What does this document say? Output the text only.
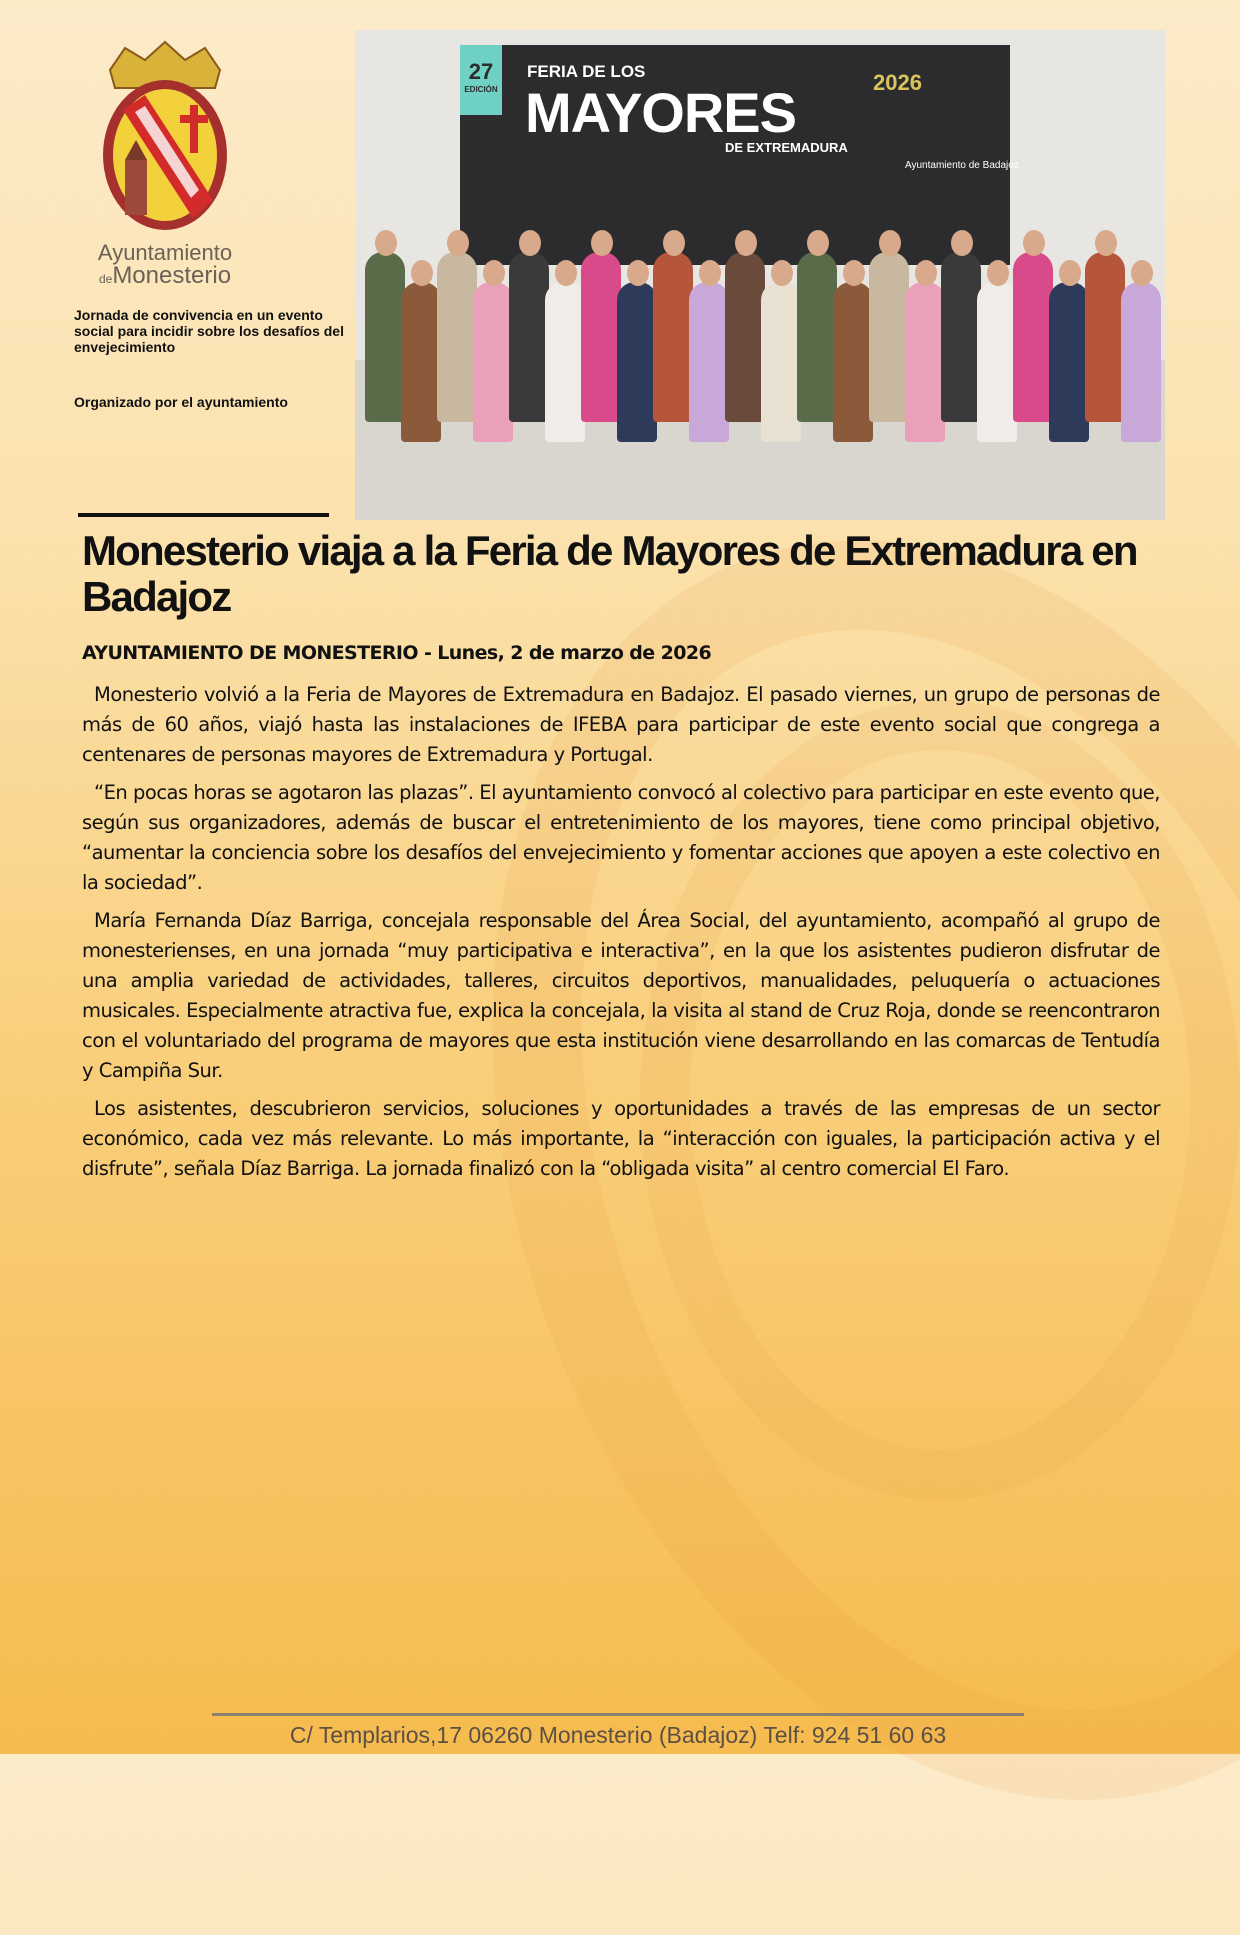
Ayuntamiento
deMonesterio
Jornada de convivencia en un evento social para incidir sobre los desafíos del envejecimiento
Organizado por el ayuntamiento
27
EDICIÓN
FERIA DE LOS
MAYORES
DE EXTREMADURA
2026
Ayuntamiento de Badajoz
Monesterio viaja a la Feria de Mayores de Extremadura en Badajoz
AYUNTAMIENTO DE MONESTERIO - Lunes, 2 de marzo de 2026

Monesterio volvió a la Feria de Mayores de Extremadura en Badajoz. El pasado viernes, un grupo de personas de más de 60 años, viajó hasta las instalaciones de IFEBA para participar de este evento social que congrega a centenares de personas mayores de Extremadura y Portugal.

“En pocas horas se agotaron las plazas”. El ayuntamiento convocó al colectivo para participar en este evento que, según sus organizadores, además de buscar el entretenimiento de los mayores, tiene como principal objetivo, “aumentar la conciencia sobre los desafíos del envejecimiento y fomentar acciones que apoyen a este colectivo en la sociedad”.

María Fernanda Díaz Barriga, concejala responsable del Área Social, del ayuntamiento, acompañó al grupo de monesterienses, en una jornada “muy participativa e interactiva”, en la que los asistentes pudieron disfrutar de una amplia variedad de actividades, talleres, circuitos deportivos, manualidades, peluquería o actuaciones musicales. Especialmente atractiva fue, explica la concejala, la visita al stand de Cruz Roja, donde se reencontraron con el voluntariado del programa de mayores que esta institución viene desarrollando en las comarcas de Tentudía y Campiña Sur.

Los asistentes, descubrieron servicios, soluciones y oportunidades a través de las empresas de un sector económico, cada vez más relevante. Lo más importante, la “interacción con iguales, la participación activa y el disfrute”, señala Díaz Barriga. La jornada finalizó con la “obligada visita” al centro comercial El Faro.

C/ Templarios,17 06260 Monesterio (Badajoz) Telf: 924 51 60 63
